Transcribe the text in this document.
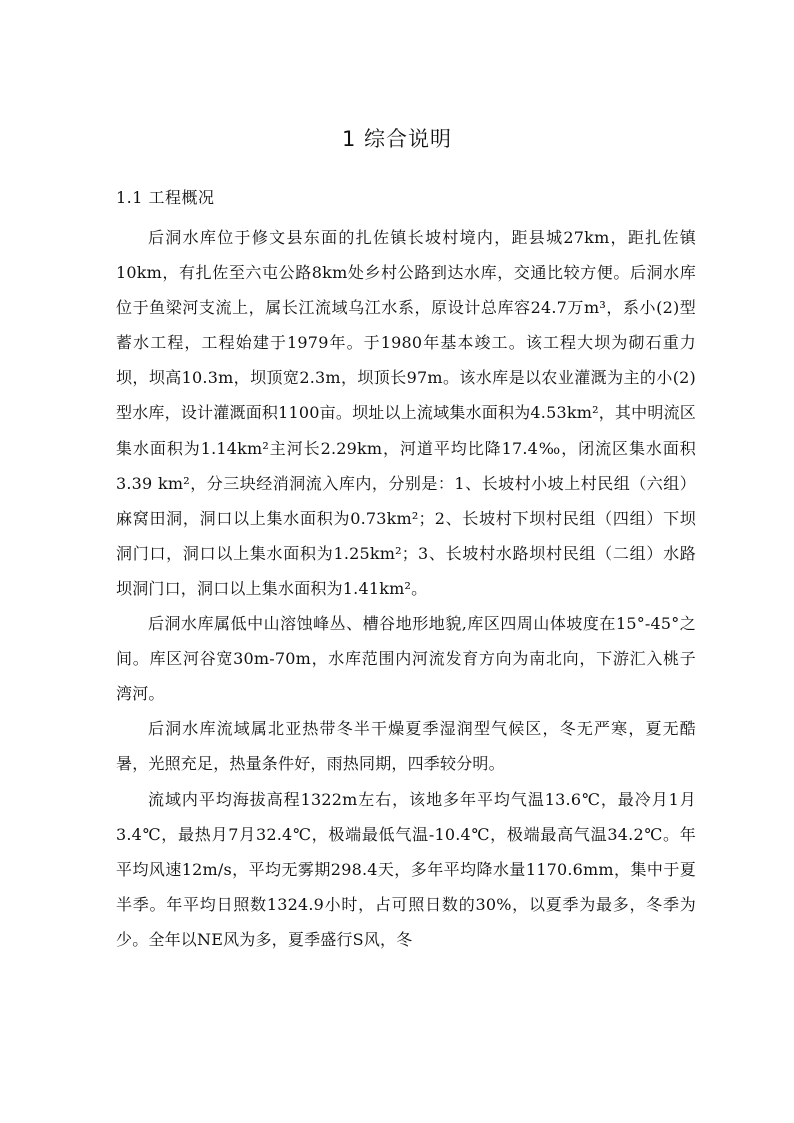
1 综合说明
1.1 工程概况

后洞水库位于修文县东面的扎佐镇长坡村境内，距县城27km，距扎佐镇10km，有扎佐至六屯公路8km处乡村公路到达水库，交通比较方便。后洞水库位于鱼梁河支流上，属长江流域乌江水系，原设计总库容24.7万m³，系小(2)型蓄水工程，工程始建于1979年。于1980年基本竣工。该工程大坝为砌石重力坝，坝高10.3m，坝顶宽2.3m，坝顶长97m。该水库是以农业灌溉为主的小(2)型水库，设计灌溉面积1100亩。坝址以上流域集水面积为4.53km²，其中明流区集水面积为1.14km²主河长2.29km，河道平均比降17.4‰，闭流区集水面积3.39 km²，分三块经消洞流入库内，分别是：1、长坡村小坡上村民组（六组）麻窝田洞，洞口以上集水面积为0.73km²；2、长坡村下坝村民组（四组）下坝洞门口，洞口以上集水面积为1.25km²；3、长坡村水路坝村民组（二组）水路坝洞门口，洞口以上集水面积为1.41km²。

后洞水库属低中山溶蚀峰丛、槽谷地形地貌,库区四周山体坡度在15°-45°之间。库区河谷宽30m-70m，水库范围内河流发育方向为南北向，下游汇入桃子湾河。

后洞水库流域属北亚热带冬半干燥夏季湿润型气候区，冬无严寒，夏无酷暑，光照充足，热量条件好，雨热同期，四季较分明。

流域内平均海拔高程1322m左右，该地多年平均气温13.6℃，最冷月1月3.4℃，最热月7月32.4℃，极端最低气温-10.4℃，极端最高气温34.2℃。年平均风速12m/s，平均无雾期298.4天，多年平均降水量1170.6mm，集中于夏半季。年平均日照数1324.9小时，占可照日数的30%，以夏季为最多，冬季为少。全年以NE风为多，夏季盛行S风，冬
